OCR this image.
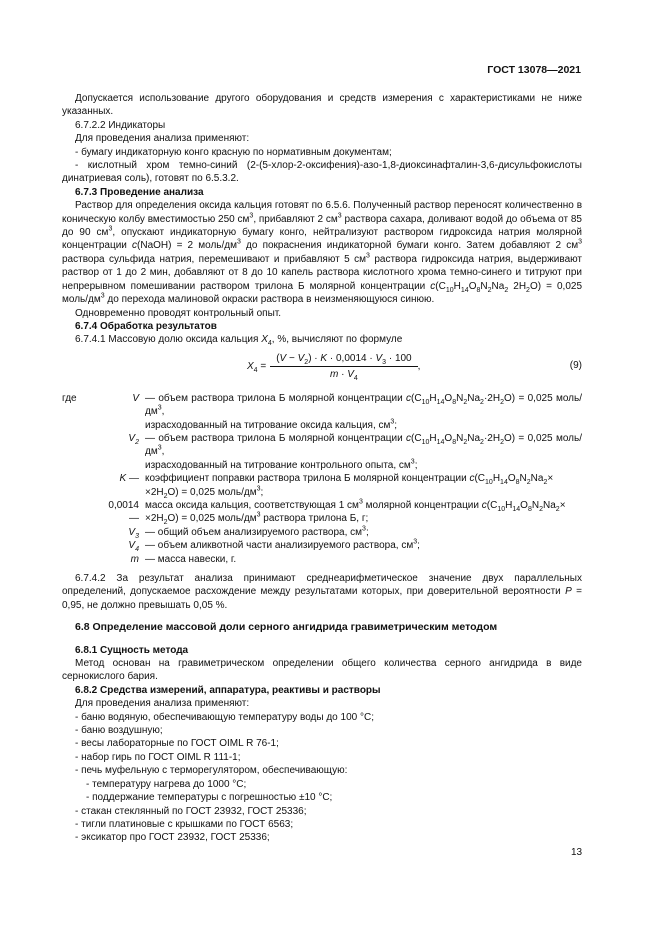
ГОСТ 13078—2021

Допускается использование другого оборудования и средств измерения с характеристиками не ниже указанных.

6.7.2.2 Индикаторы

Для проведения анализа применяют:

- бумагу индикаторную конго красную по нормативным документам;

- кислотный хром темно-синий (2-(5-хлор-2-оксифения)-азо-1,8-диоксинафталин-3,6-дисульфокислоты динатриевая соль), готовят по 6.5.3.2.

6.7.3 Проведение анализа

Раствор для определения оксида кальция готовят по 6.5.6. Полученный раствор переносят количественно в коническую колбу вместимостью 250 $см^3$, прибавляют 2 $см^3$ раствора сахара, доливают водой до объема от 85 до 90 $см^3$, опускают индикаторную бумагу конго, нейтрализуют раствором гидроксида натрия молярной концентрации c(NaOH) = 2 моль/$дм^3$ до покраснения индикаторной бумаги конго. Затем добавляют 2 $см^3$ раствора сульфида натрия, перемешивают и прибавляют 5 $см^3$ раствора гидроксида натрия, выдерживают раствор от 1 до 2 мин, добавляют от 8 до 10 капель раствора кислотного хрома темно-синего и титруют при непрерывном помешивании раствором трилона Б молярной концентрации $c(C_{10}H_{14}O_8N_2Na_2$ $2H_2O) = 0,025$ моль/$дм^3$ до перехода малиновой окраски раствора в неизменяющуюся синюю.

Одновременно проводят контрольный опыт.

6.7.4 Обработка результатов

6.7.4.1 Массовую долю оксида кальция $X_4$, %, вычисляют по формуле

$X_4 = \frac{(V - V_2) \cdot K \cdot 0,0014 \cdot V_3 \cdot 100}{m \cdot V_4}$ ,	(9)
где	V — объем раствора трилона Б молярной концентрации $c(C_{10}H_{14}O_8N_2Na_2\cdot 2H_2O) = 0,025$ моль/$дм^3$,
израсходованный на титрование оксида кальция, $см^3$;
$V_2$ — объем раствора трилона Б молярной концентрации $c(C_{10}H_{14}O_8N_2Na_2\cdot 2H_2O) = 0,025$ моль/$дм^3$,
израсходованный на титрование контрольного опыта, $см^3$;
K — коэффициент поправки раствора трилона Б молярной концентрации $c(C_{10}H_{14}O_8N_2Na_2\times$
$\times 2H_2O) = 0,025$ моль/$дм^3$;
0,0014 —
масса оксида кальция, соответствующая 1 $см^3$ молярной концентрации $c(C_{10}H_{14}O_8N_2Na_2\times$
$\times 2H_2O) = 0,025$ моль/$дм^3$ раствора трилона Б, г;
$V_3$ — общий объем анализируемого раствора, $см^3$;
$V_4$ — объем аликвотной части анализируемого раствора, $см^3$;
m — масса навески, г.

6.7.4.2 За результат анализа принимают среднеарифметическое значение двух параллельных определений, допускаемое расхождение между результатами которых, при доверительной вероятности P = 0,95, не должно превышать 0,05 %.

6.8 Определение массовой доли серного ангидрида гравиметрическим методом

6.8.1 Сущность метода

Метод основан на гравиметрическом определении общего количества серного ангидрида в виде сернокислого бария.

6.8.2 Средства измерений, аппаратура, реактивы и растворы

Для проведения анализа применяют:

- баню водяную, обеспечивающую температуру воды до 100 °С;

- баню воздушную;

- весы лабораторные по ГОСТ OIML R 76-1;

- набор гирь по ГОСТ OIML R 111-1;

- печь муфельную с терморегулятором, обеспечивающую:

- температуру нагрева до 1000 °С;

- поддержание температуры с погрешностью ±10 °С;

- стакан стеклянный по ГОСТ 23932, ГОСТ 25336;

- тигли платиновые с крышками по ГОСТ 6563;

- эксикатор про ГОСТ 23932, ГОСТ 25336;

13
